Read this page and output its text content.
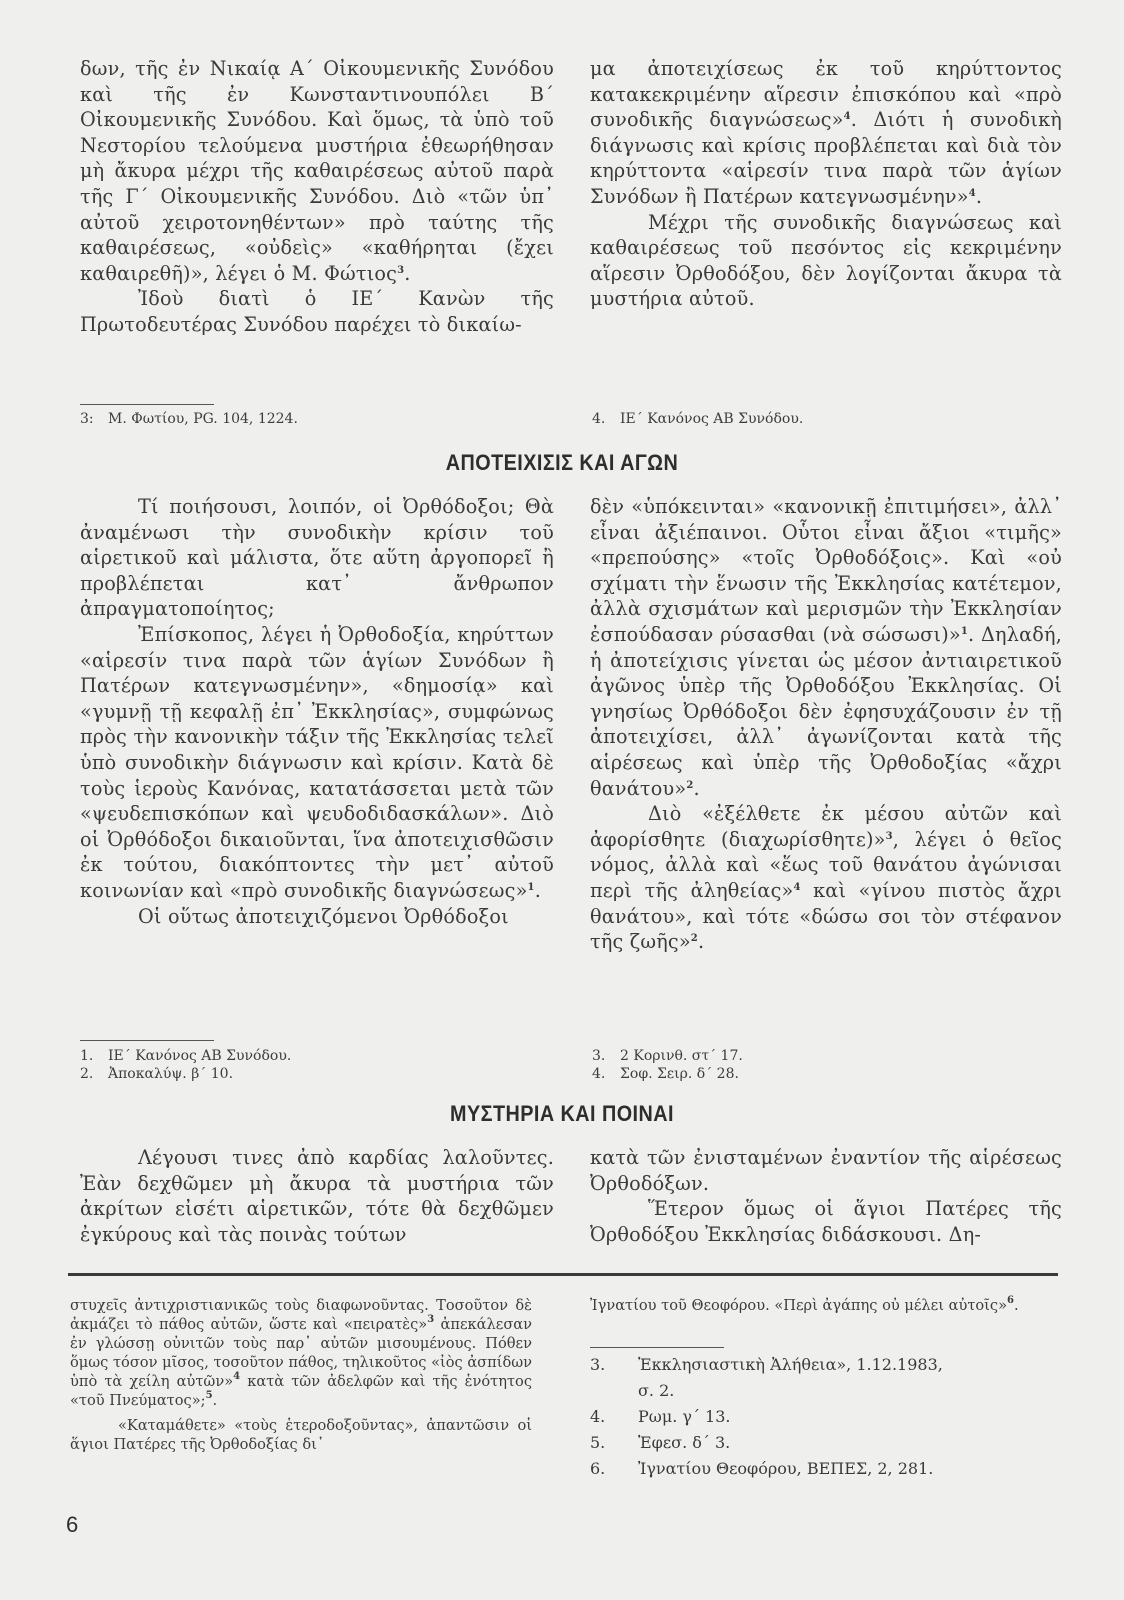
δων, τῆς ἐν Νικαίᾳ Α΄ Οἰκουμενικῆς Συνόδου καὶ τῆς ἐν Κωνσταντινουπόλει Β΄ Οἰκουμενικῆς Συνόδου. Καὶ ὅμως, τὰ ὑπὸ τοῦ Νεστορίου τελούμενα μυστήρια ἐθεωρήθησαν μὴ ἄκυρα μέχρι τῆς καθαιρέσεως αὐτοῦ παρὰ τῆς Γ΄ Οἰκουμενικῆς Συνόδου. Διὸ «τῶν ὑπ᾽ αὐτοῦ χειροτονηθέντων» πρὸ ταύτης τῆς καθαιρέσεως, «οὐδεὶς» «καθήρηται (ἔχει καθαιρεθῆ)», λέγει ὁ Μ. Φώτιος$^3$.

Ἰδοὺ διατὶ ὁ ΙΕ΄ Κανὼν τῆς Πρωτοδευτέρας Συνόδου παρέχει τὸ δικαίω-

3: Μ. Φωτίου, PG. 104, 1224.

μα ἀποτειχίσεως ἐκ τοῦ κηρύττοντος κατακεκριμένην αἵρεσιν ἐπισκόπου καὶ «πρὸ συνοδικῆς διαγνώσεως»$^4$. Διότι ἡ συνοδικὴ διάγνωσις καὶ κρίσις προβλέπεται καὶ διὰ τὸν κηρύττοντα «αἱρεσίν τινα παρὰ τῶν ἁγίων Συνόδων ἢ Πατέρων κατεγνωσμένην»$^4$.

Μέχρι τῆς συνοδικῆς διαγνώσεως καὶ καθαιρέσεως τοῦ πεσόντος εἰς κεκριμένην αἵρεσιν Ὀρθοδόξου, δὲν λογίζονται ἄκυρα τὰ μυστήρια αὐτοῦ.

4. ΙΕ΄ Κανόνος ΑΒ Συνόδου.
ΑΠΟΤΕΙΧΙΣΙΣ ΚΑΙ ΑΓΩΝ

Τί ποιήσουσι, λοιπόν, οἱ Ὀρθόδοξοι; Θὰ ἀναμένωσι τὴν συνοδικὴν κρίσιν τοῦ αἱρετικοῦ καὶ μάλιστα, ὅτε αὕτη ἀργοπορεῖ ἢ προβλέπεται κατ᾽ ἄνθρωπον ἀπραγματοποίητος;

Ἐπίσκοπος, λέγει ἡ Ὀρθοδοξία, κηρύττων «αἱρεσίν τινα παρὰ τῶν ἁγίων Συνόδων ἢ Πατέρων κατεγνωσμένην», «δημοσίᾳ» καὶ «γυμνῇ τῇ κεφαλῇ ἐπ᾽ Ἐκκλησίας», συμφώνως πρὸς τὴν κανονικὴν τάξιν τῆς Ἐκκλησίας τελεῖ ὑπὸ συνοδικὴν διάγνωσιν καὶ κρίσιν. Κατὰ δὲ τοὺς ἱεροὺς Κανόνας, κατατάσσεται μετὰ τῶν «ψευδεπισκόπων καὶ ψευδοδιδασκάλων». Διὸ οἱ Ὀρθόδοξοι δικαιοῦνται, ἵνα ἀποτειχισθῶσιν ἐκ τούτου, διακόπτοντες τὴν μετ᾽ αὐτοῦ κοινωνίαν καὶ «πρὸ συνοδικῆς διαγνώσεως»$^1$.

Οἱ οὕτως ἀποτειχιζόμενοι Ὀρθόδοξοι

1. ΙΕ΄ Κανόνος ΑΒ Συνόδου.
2. Ἀποκαλύψ. β΄ 10.

δὲν «ὑπόκεινται» «κανονικῇ ἐπιτιμήσει», ἀλλ᾽ εἶναι ἀξιέπαινοι. Οὗτοι εἶναι ἄξιοι «τιμῆς» «πρεπούσης» «τοῖς Ὀρθοδόξοις». Καὶ «οὐ σχίματι τὴν ἕνωσιν τῆς Ἐκκλησίας κατέτεμον, ἀλλὰ σχισμάτων καὶ μερισμῶν τὴν Ἐκκλησίαν ἐσπούδασαν ρύσασθαι (νὰ σώσωσι)»$^1$. Δηλαδή, ἡ ἀποτείχισις γίνεται ὡς μέσον ἀντιαιρετικοῦ ἀγῶνος ὑπὲρ τῆς Ὀρθοδόξου Ἐκκλησίας. Οἱ γνησίως Ὀρθόδοξοι δὲν ἐφησυχάζουσιν ἐν τῇ ἀποτειχίσει, ἀλλ᾽ ἀγωνίζονται κατὰ τῆς αἱρέσεως καὶ ὑπὲρ τῆς Ὀρθοδοξίας «ἄχρι θανάτου»$^2$.

Διὸ «ἐξέλθετε ἐκ μέσου αὐτῶν καὶ ἀφορίσθητε (διαχωρίσθητε)»$^3$, λέγει ὁ θεῖος νόμος, ἀλλὰ καὶ «ἕως τοῦ θανάτου ἀγώνισαι περὶ τῆς ἀληθείας»$^4$ καὶ «γίνου πιστὸς ἄχρι θανάτου», καὶ τότε «δώσω σοι τὸν στέφανον τῆς ζωῆς»$^2$.

3. 2 Κορινθ. στ΄ 17.
4. Σοφ. Σειρ. δ΄ 28.
ΜΥΣΤΗΡΙΑ ΚΑΙ ΠΟΙΝΑΙ

Λέγουσι τινες ἀπὸ καρδίας λαλοῦντες. Ἐὰν δεχθῶμεν μὴ ἄκυρα τὰ μυστήρια τῶν ἀκρίτων εἰσέτι αἱρετικῶν, τότε θὰ δεχθῶμεν ἐγκύρους καὶ τὰς ποινὰς τούτων

κατὰ τῶν ἐνισταμένων ἐναντίον τῆς αἱρέσεως Ὀρθοδόξων.

Ἕτερον ὅμως οἱ ἅγιοι Πατέρες τῆς Ὀρθοδόξου Ἐκκλησίας διδάσκουσι. Δη-

στυχεῖς ἀντιχριστιανικῶς τοὺς διαφωνοῦντας. Τοσοῦτον δὲ ἀκμάζει τὸ πάθος αὐτῶν, ὥστε καὶ «πειρατὲς»$^3$ ἀπεκάλεσαν ἐν γλώσσῃ οὐνιτῶν τοὺς παρ᾽ αὐτῶν μισουμένους. Πόθεν ὅμως τόσον μῖσος, τοσοῦτον πάθος, τηλικοῦτος «ἰὸς ἀσπίδων ὑπὸ τὰ χείλη αὐτῶν»$^4$ κατὰ τῶν ἀδελφῶν καὶ τῆς ἑνότητος «τοῦ Πνεύματος»;$^5$.

«Καταμάθετε» «τοὺς ἑτεροδοξοῦντας», ἀπαντῶσιν οἱ ἅγιοι Πατέρες τῆς Ὀρθοδοξίας δι᾽

Ἰγνατίου τοῦ Θεοφόρου. «Περὶ ἀγάπης οὐ μέλει αὐτοῖς»$^6$.

3.	Ἐκκλησιαστικὴ Ἀλήθεια», 1.12.1983,
σ. 2.
4.	Ρωμ. γ΄ 13.
5.	Ἐφεσ. δ΄ 3.
6.	Ἰγνατίου Θεοφόρου, ΒΕΠΕΣ, 2, 281.
6
